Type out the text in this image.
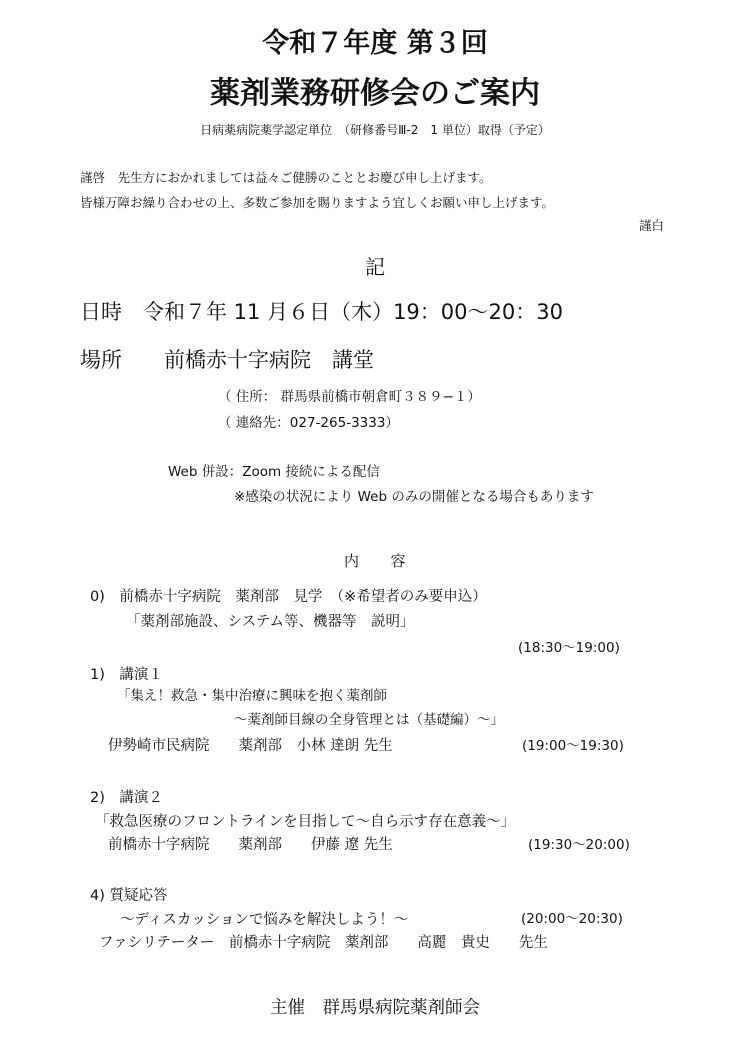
令和７年度 第３回
薬剤業務研修会のご案内
日病薬病院薬学認定単位　（研修番号Ⅲ-2　1 単位）取得（予定）
謹啓　先生方におかれましては益々ご健勝のこととお慶び申し上げます。
皆様万障お繰り合わせの上、多数ご参加を賜りますよう宜しくお願い申し上げます。
謹白
記
日時　令和７年 11 月６日（木）19：00～20：30
場所　　前橋赤十字病院　講堂
（ 住所： 群馬県前橋市朝倉町３８９−１）
（ 連絡先：027-265-3333）
Web 併設：Zoom 接続による配信
※感染の状況により Web のみの開催となる場合もあります
内　　容
0)　前橋赤十字病院　薬剤部　見学　（※希望者のみ要申込）
「薬剤部施設、システム等、機器等　説明」
(18:30～19:00)
1)　講演１
「集え！救急・集中治療に興味を抱く薬剤師
～薬剤師目線の全身管理とは（基礎編）～」
伊勢崎市民病院　　薬剤部　小林 達朗 先生	(19:00～19:30)
2)　講演２
「救急医療のフロントラインを目指して～自ら示す存在意義～」
前橋赤十字病院　　薬剤部　　伊藤 遼 先生	(19:30～20:00)
4) 質疑応答
～ディスカッションで悩みを解決しよう！～	(20:00～20:30)
ファシリテーター　前橋赤十字病院　薬剤部　　高麗　貴史　　先生
主催　群馬県病院薬剤師会
